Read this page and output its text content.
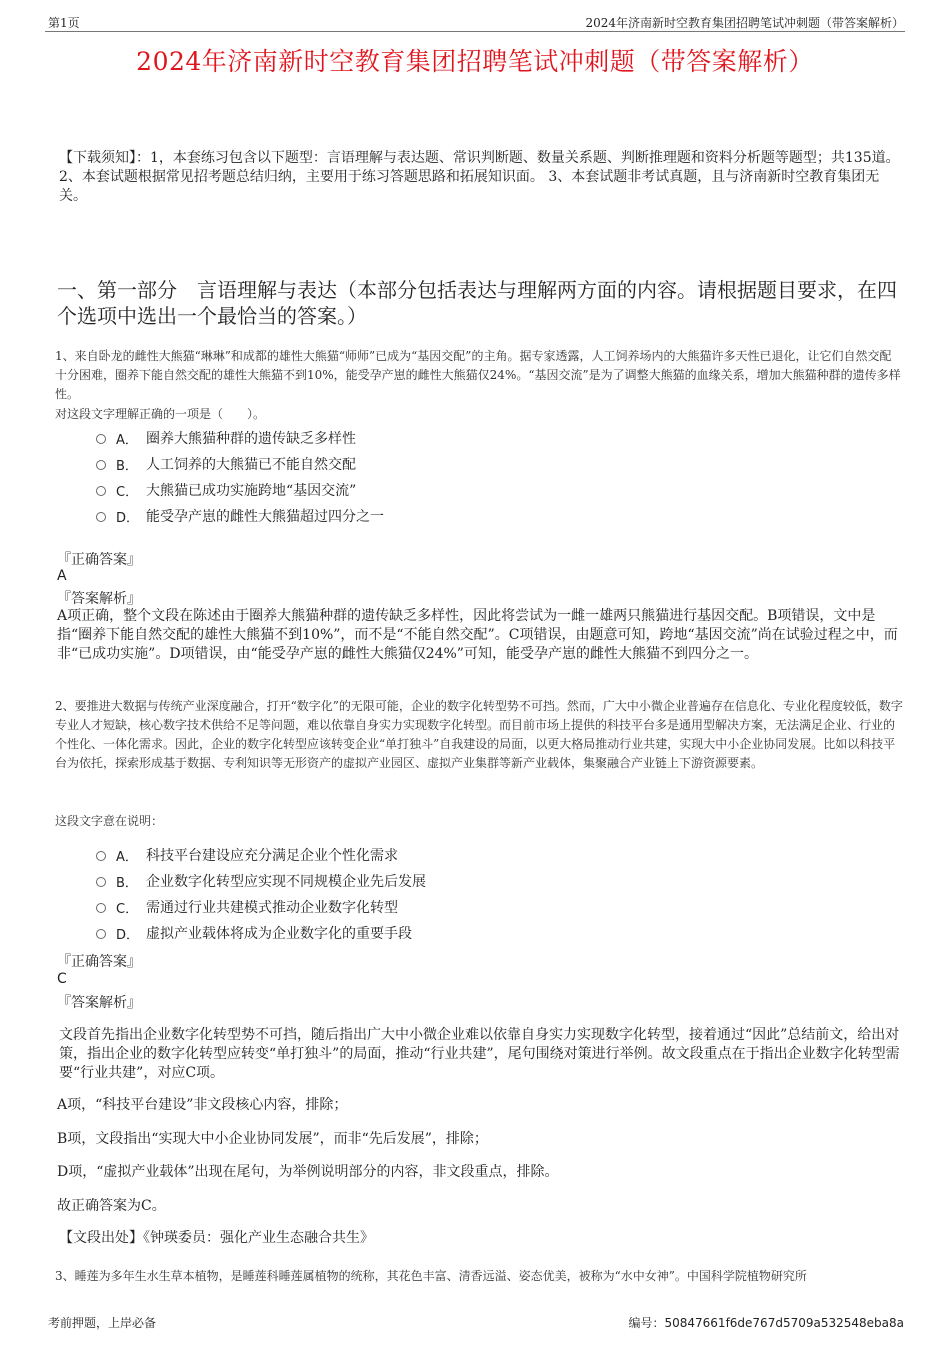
第1页	2024年济南新时空教育集团招聘笔试冲刺题（带答案解析）
2024年济南新时空教育集团招聘笔试冲刺题（带答案解析）
【下载须知】：1，本套练习包含以下题型：言语理解与表达题、常识判断题、数量关系题、判断推理题和资料分析题等题型；共135道。 2、本套试题根据常见招考题总结归纳，主要用于练习答题思路和拓展知识面。 3、本套试题非考试真题，且与济南新时空教育集团无关。
一、第一部分　言语理解与表达（本部分包括表达与理解两方面的内容。请根据题目要求，在四个选项中选出一个最恰当的答案。）
1、来自卧龙的雌性大熊猫“琳琳”和成都的雄性大熊猫“师师”已成为“基因交配”的主角。据专家透露，人工饲养场内的大熊猫许多天性已退化，让它们自然交配十分困难，圈养下能自然交配的雄性大熊猫不到10%，能受孕产崽的雌性大熊猫仅24%。“基因交流”是为了调整大熊猫的血缘关系，增加大熊猫种群的遗传多样性。
对这段文字理解正确的一项是（　　）。
A． 圈养大熊猫种群的遗传缺乏多样性
B． 人工饲养的大熊猫已不能自然交配
C． 大熊猫已成功实施跨地“基因交流”
D． 能受孕产崽的雌性大熊猫超过四分之一
『正确答案』
A
『答案解析』
A项正确，整个文段在陈述由于圈养大熊猫种群的遗传缺乏多样性，因此将尝试为一雌一雄两只熊猫进行基因交配。B项错误，文中是指“圈养下能自然交配的雄性大熊猫不到10%”，而不是“不能自然交配”。C项错误，由题意可知，跨地“基因交流”尚在试验过程之中，而非“已成功实施”。D项错误，由“能受孕产崽的雌性大熊猫仅24%”可知，能受孕产崽的雌性大熊猫不到四分之一。
2、要推进大数据与传统产业深度融合，打开“数字化”的无限可能，企业的数字化转型势不可挡。然而，广大中小微企业普遍存在信息化、专业化程度较低，数字专业人才短缺，核心数字技术供给不足等问题，难以依靠自身实力实现数字化转型。而目前市场上提供的科技平台多是通用型解决方案，无法满足企业、行业的个性化、一体化需求。因此，企业的数字化转型应该转变企业“单打独斗”自我建设的局面，以更大格局推动行业共建，实现大中小企业协同发展。比如以科技平台为依托，探索形成基于数据、专利知识等无形资产的虚拟产业园区、虚拟产业集群等新产业载体，集聚融合产业链上下游资源要素。
这段文字意在说明：
A． 科技平台建设应充分满足企业个性化需求
B． 企业数字化转型应实现不同规模企业先后发展
C． 需通过行业共建模式推动企业数字化转型
D． 虚拟产业载体将成为企业数字化的重要手段
『正确答案』
C
『答案解析』
文段首先指出企业数字化转型势不可挡，随后指出广大中小微企业难以依靠自身实力实现数字化转型，接着通过“因此”总结前文，给出对策，指出企业的数字化转型应转变“单打独斗”的局面，推动“行业共建”，尾句围绕对策进行举例。故文段重点在于指出企业数字化转型需要“行业共建”，对应C项。
A项，“科技平台建设”非文段核心内容，排除；
B项，文段指出“实现大中小企业协同发展”，而非“先后发展”，排除；
D项，“虚拟产业载体”出现在尾句，为举例说明部分的内容，非文段重点，排除。
故正确答案为C。
【文段出处】《钟瑛委员：强化产业生态融合共生》
3、睡莲为多年生水生草本植物，是睡莲科睡莲属植物的统称，其花色丰富、清香远溢、姿态优美，被称为“水中女神”。中国科学院植物研究所
考前押题，上岸必备	编号：50847661f6de767d5709a532548eba8a
